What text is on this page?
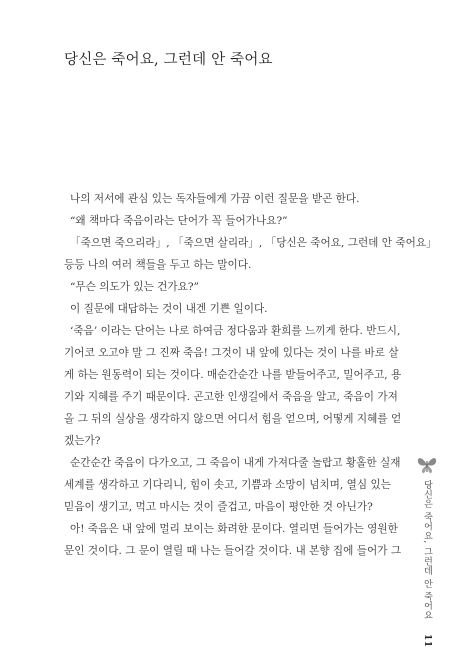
당신은 죽어요, 그런데 안 죽어요
나의 저서에 관심 있는 독자들에게 가끔 이런 질문을 받곤 한다.
“왜 책마다 죽음이라는 단어가 꼭 들어가나요?”
「죽으면 죽으리라」, 「죽으면 살리라」, 「당신은 죽어요, 그런데 안 죽어요」
등등 나의 여러 책들을 두고 하는 말이다.
“무슨 의도가 있는 건가요?”
이 질문에 대답하는 것이 내겐 기쁜 일이다.
‘죽음’ 이라는 단어는 나로 하여금 정다움과 환희를 느끼게 한다. 반드시,
기어코 오고야 말 그 진짜 죽음! 그것이 내 앞에 있다는 것이 나를 바로 살
게 하는 원동력이 되는 것이다. 매순간순간 나를 받들어주고, 밀어주고, 용
기와 지혜를 주기 때문이다. 곤고한 인생길에서 죽음을 알고, 죽음이 가져
올 그 뒤의 실상을 생각하지 않으면 어디서 힘을 얻으며, 어떻게 지혜를 얻
겠는가?
순간순간 죽음이 다가오고, 그 죽음이 내게 가져다줄 놀랍고 황홀한 실재
세계를 생각하고 기다리니, 힘이 솟고, 기쁨과 소망이 넘치며, 열심 있는
믿음이 생기고, 먹고 마시는 것이 즐겁고, 마음이 평안한 것 아닌가?
아! 죽음은 내 앞에 멀리 보이는 화려한 문이다. 열리면 들어가는 영원한
문인 것이다. 그 문이 열릴 때 나는 들어갈 것이다. 내 본향 집에 들어가 그	당신은 죽어요, 그런데 안 죽어요 11
